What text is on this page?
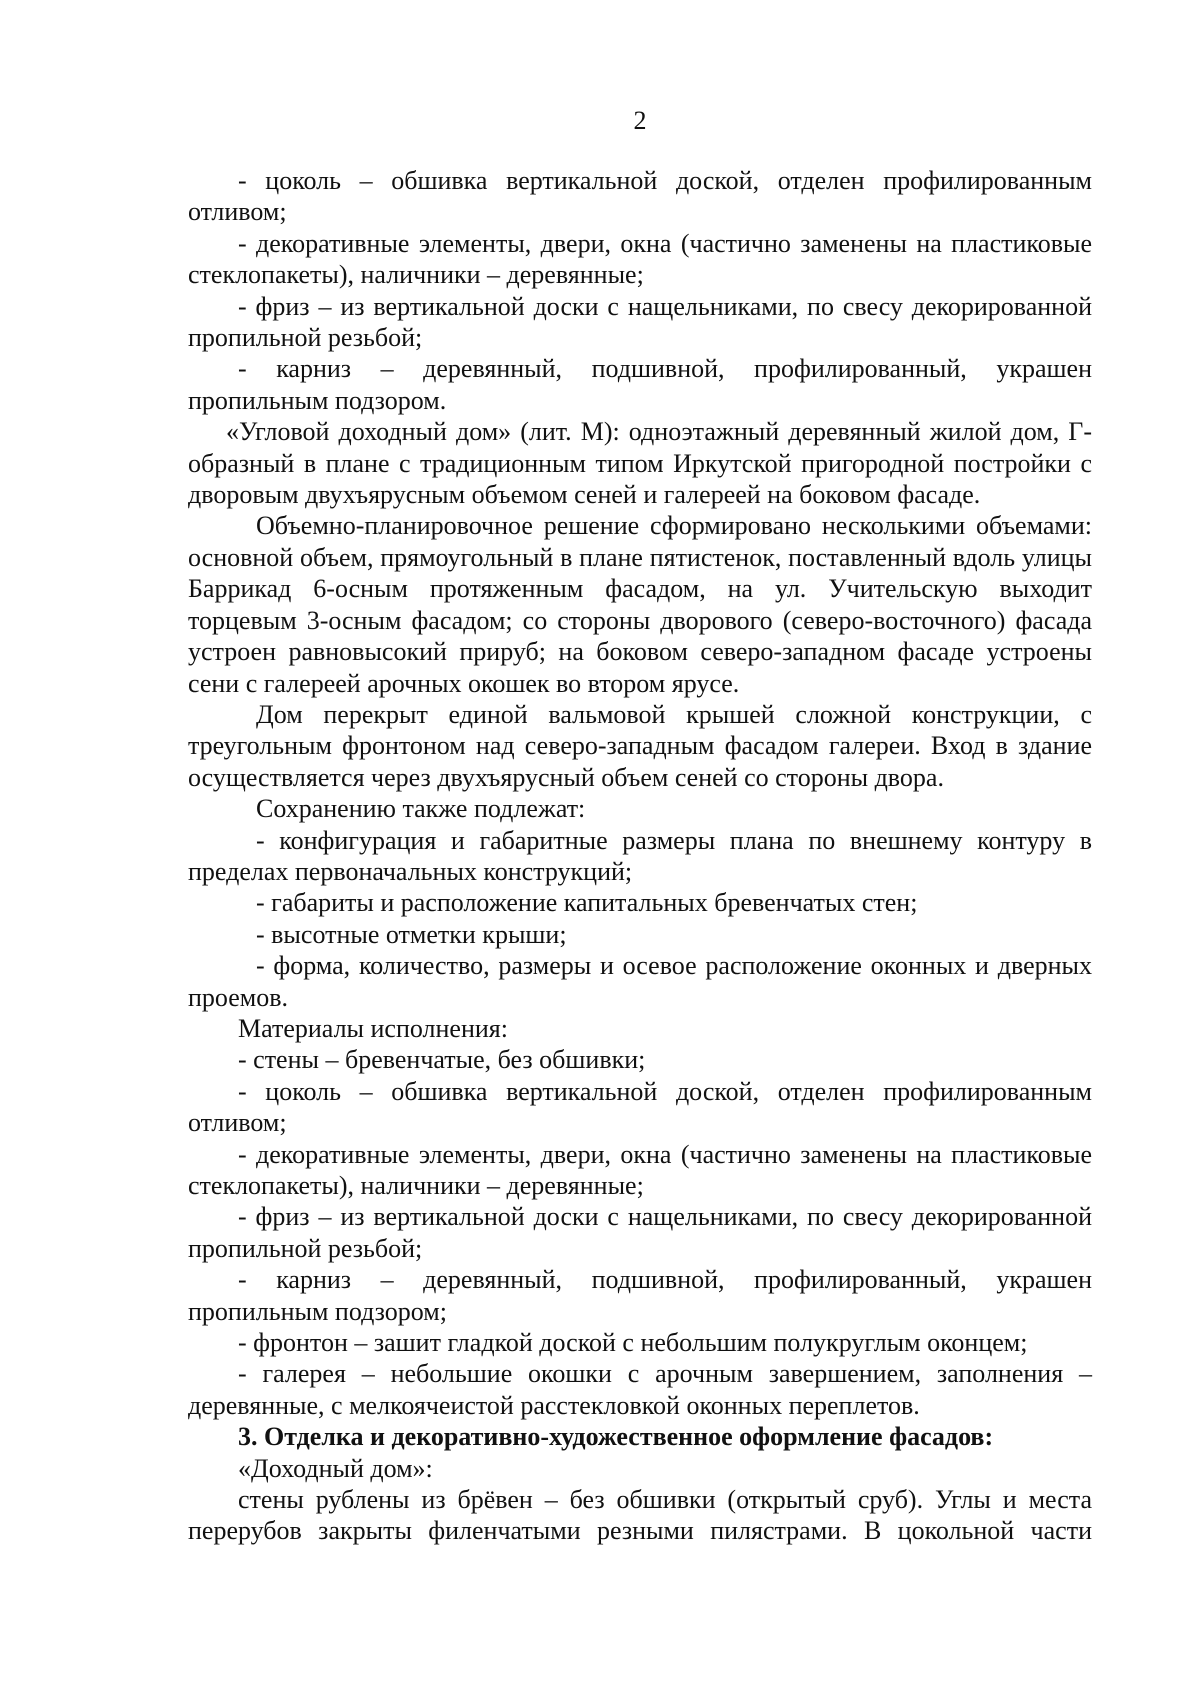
2

- цоколь – обшивка вертикальной доской, отделен профилированным отливом;

- декоративные элементы, двери, окна (частично заменены на пластиковые стеклопакеты), наличники – деревянные;

- фриз – из вертикальной доски с нащельниками, по свесу декорированной пропильной резьбой;

- карниз – деревянный, подшивной, профилированный, украшен пропильным подзором.

«Угловой доходный дом» (лит. М): одноэтажный деревянный жилой дом, Г-образный в плане с традиционным типом Иркутской пригородной постройки с дворовым двухъярусным объемом сеней и галереей на боковом фасаде.

Объемно-планировочное решение сформировано несколькими объемами: основной объем, прямоугольный в плане пятистенок, поставленный вдоль улицы Баррикад 6-осным протяженным фасадом, на ул. Учительскую выходит торцевым 3-осным фасадом; со стороны дворового (северо-восточного) фасада устроен равновысокий прируб; на боковом северо-западном фасаде устроены сени с галереей арочных окошек во втором ярусе.

Дом перекрыт единой вальмовой крышей сложной конструкции, с треугольным фронтоном над северо-западным фасадом галереи. Вход в здание осуществляется через двухъярусный объем сеней со стороны двора.

Сохранению также подлежат:

- конфигурация и габаритные размеры плана по внешнему контуру в пределах первоначальных конструкций;

- габариты и расположение капитальных бревенчатых стен;

- высотные отметки крыши;

- форма, количество, размеры и осевое расположение оконных и дверных проемов.

Материалы исполнения:

- стены – бревенчатые, без обшивки;

- цоколь – обшивка вертикальной доской, отделен профилированным отливом;

- декоративные элементы, двери, окна (частично заменены на пластиковые стеклопакеты), наличники – деревянные;

- фриз – из вертикальной доски с нащельниками, по свесу декорированной пропильной резьбой;

- карниз – деревянный, подшивной, профилированный, украшен пропильным подзором;

- фронтон – зашит гладкой доской с небольшим полукруглым оконцем;

- галерея – небольшие окошки с арочным завершением, заполнения – деревянные, с мелкоячеистой расстекловкой оконных переплетов.

3. Отделка и декоративно-художественное оформление фасадов:

«Доходный дом»:

стены рублены из брёвен – без обшивки (открытый сруб). Углы и места перерубов закрыты филенчатыми резными пилястрами. В цокольной части
